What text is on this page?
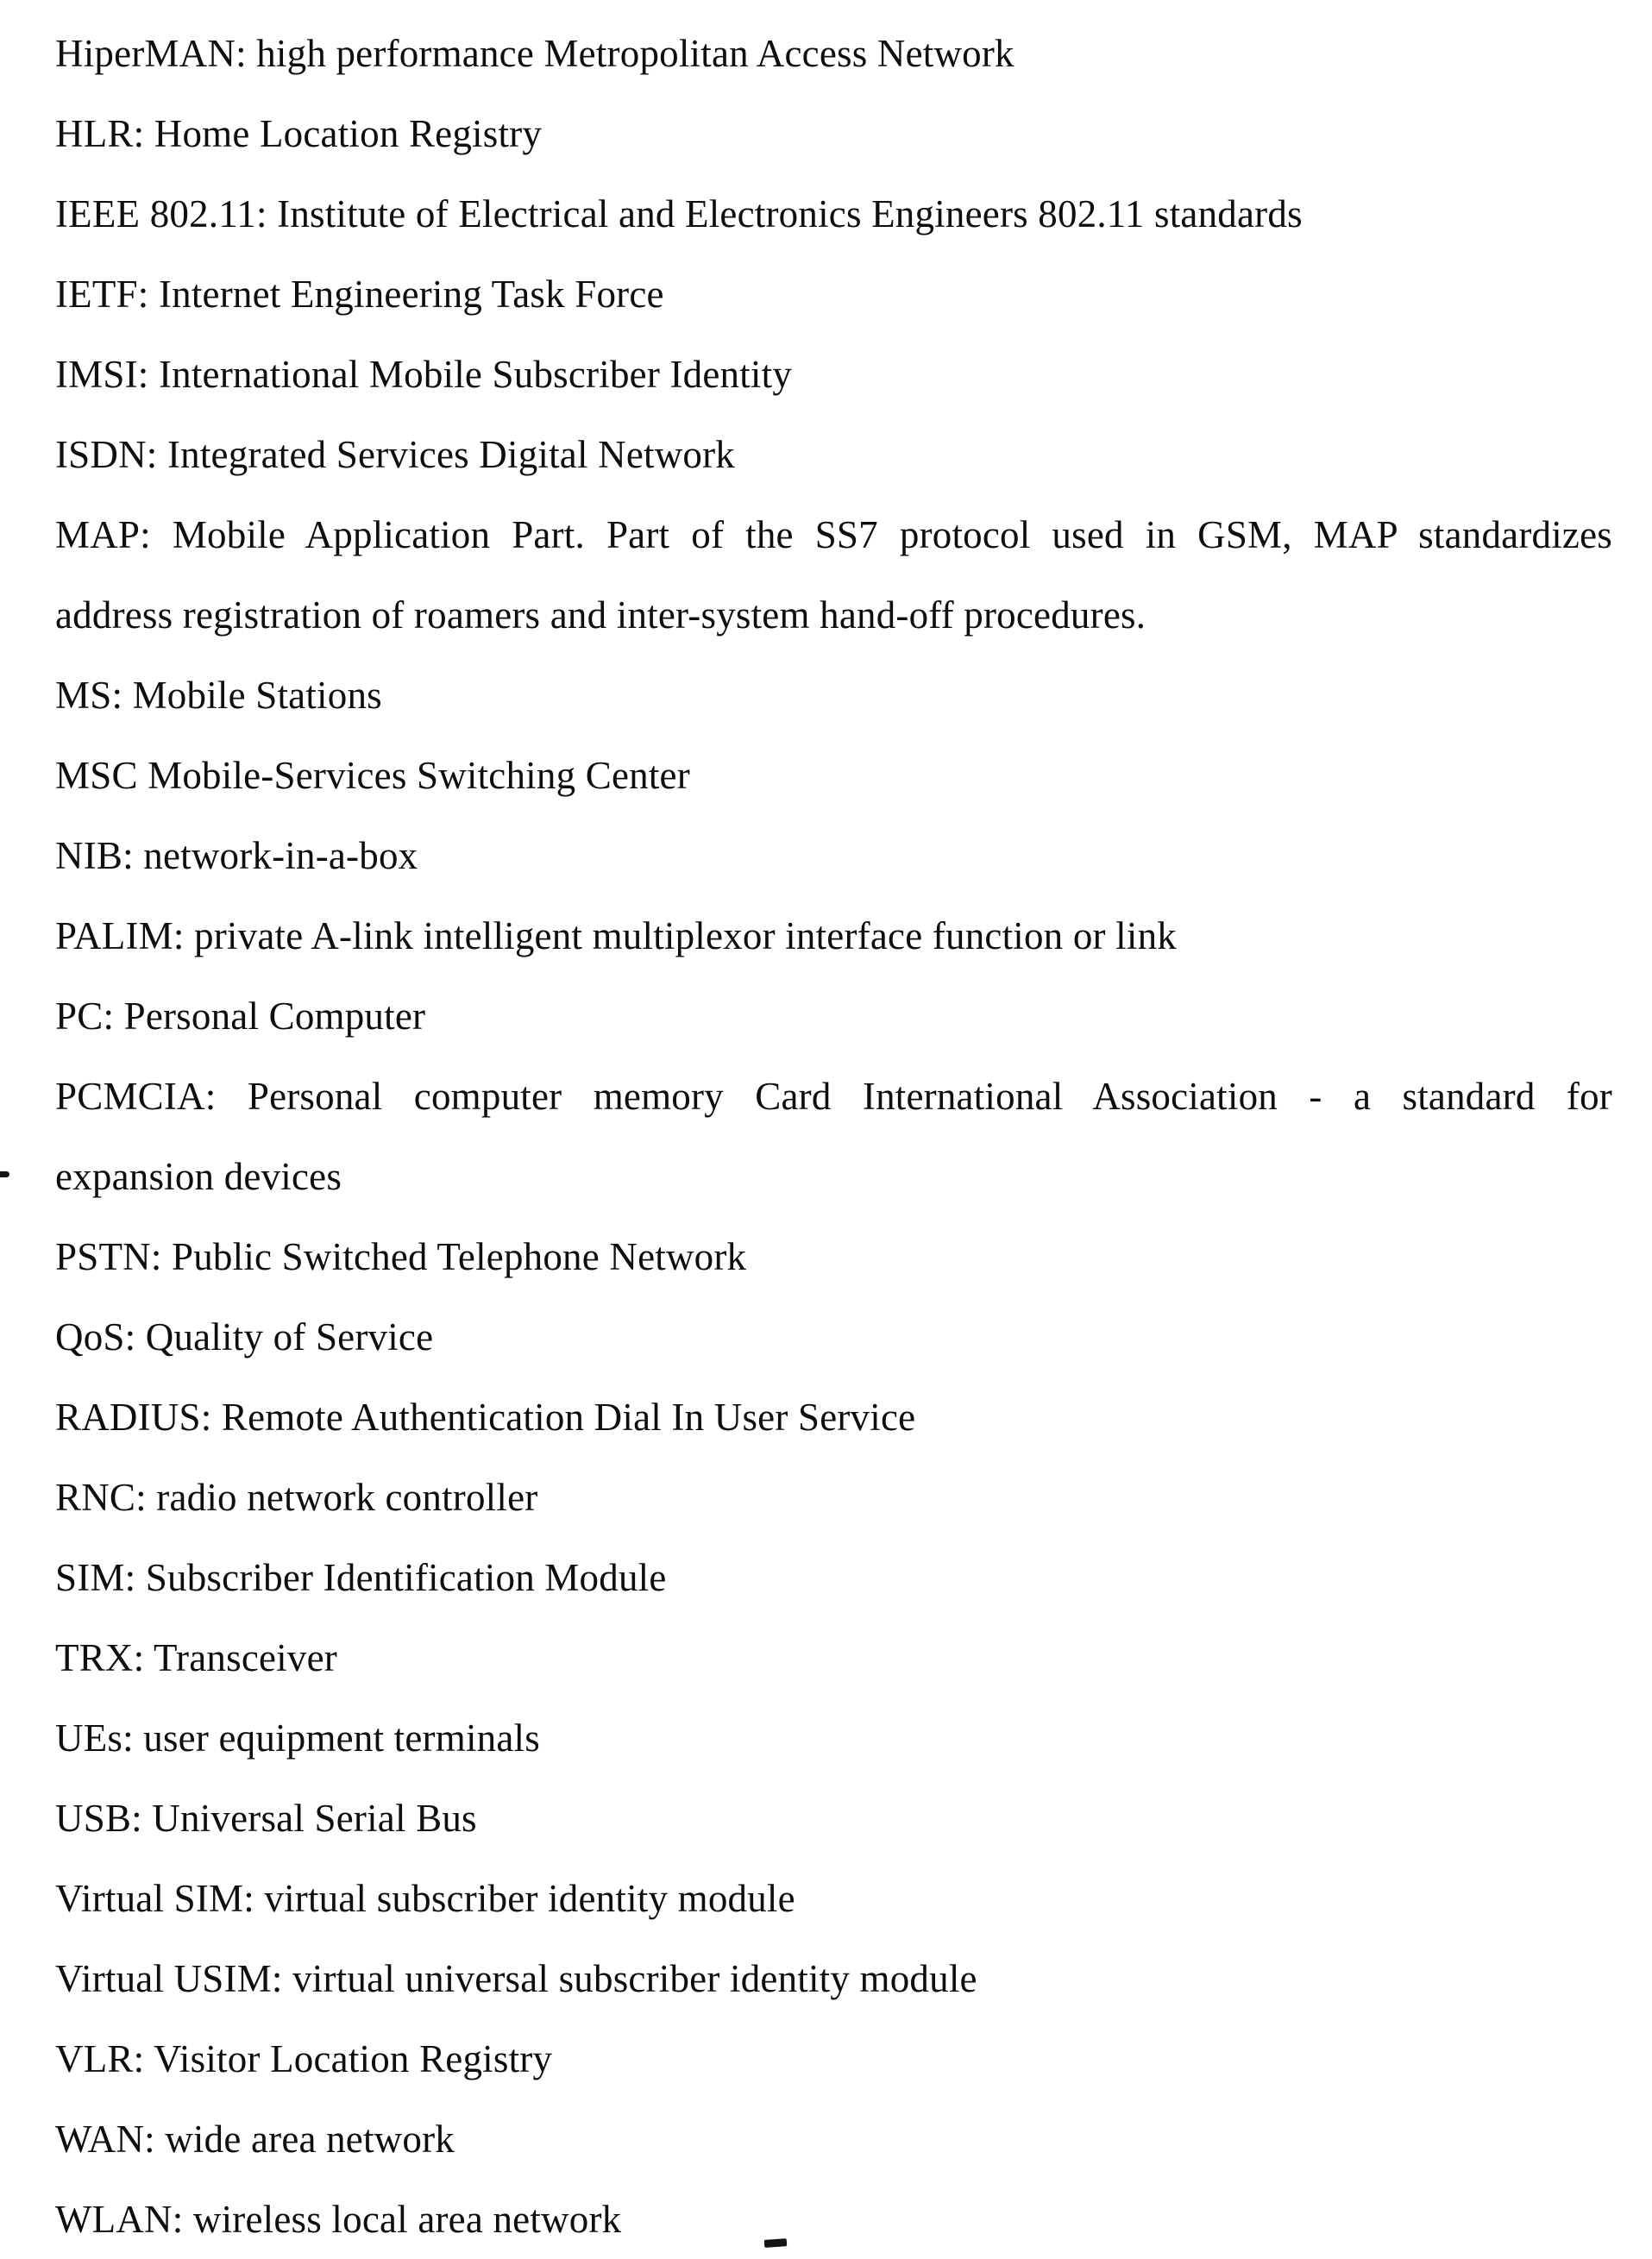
HiperMAN: high performance Metropolitan Access Network
HLR: Home Location Registry
IEEE 802.11: Institute of Electrical and Electronics Engineers 802.11 standards
IETF: Internet Engineering Task Force
IMSI: International Mobile Subscriber Identity
ISDN: Integrated Services Digital Network
MAP: Mobile Application Part. Part of the SS7 protocol used in GSM, MAP standardizes
address registration of roamers and inter-system hand-off procedures.
MS: Mobile Stations
MSC Mobile-Services Switching Center
NIB: network-in-a-box
PALIM: private A-link intelligent multiplexor interface function or link
PC: Personal Computer
PCMCIA: Personal computer memory Card International Association - a standard for
expansion devices
PSTN: Public Switched Telephone Network
QoS: Quality of Service
RADIUS: Remote Authentication Dial In User Service
RNC: radio network controller
SIM: Subscriber Identification Module
TRX: Transceiver
UEs: user equipment terminals
USB: Universal Serial Bus
Virtual SIM: virtual subscriber identity module
Virtual USIM: virtual universal subscriber identity module
VLR: Visitor Location Registry
WAN: wide area network
WLAN: wireless local area network
